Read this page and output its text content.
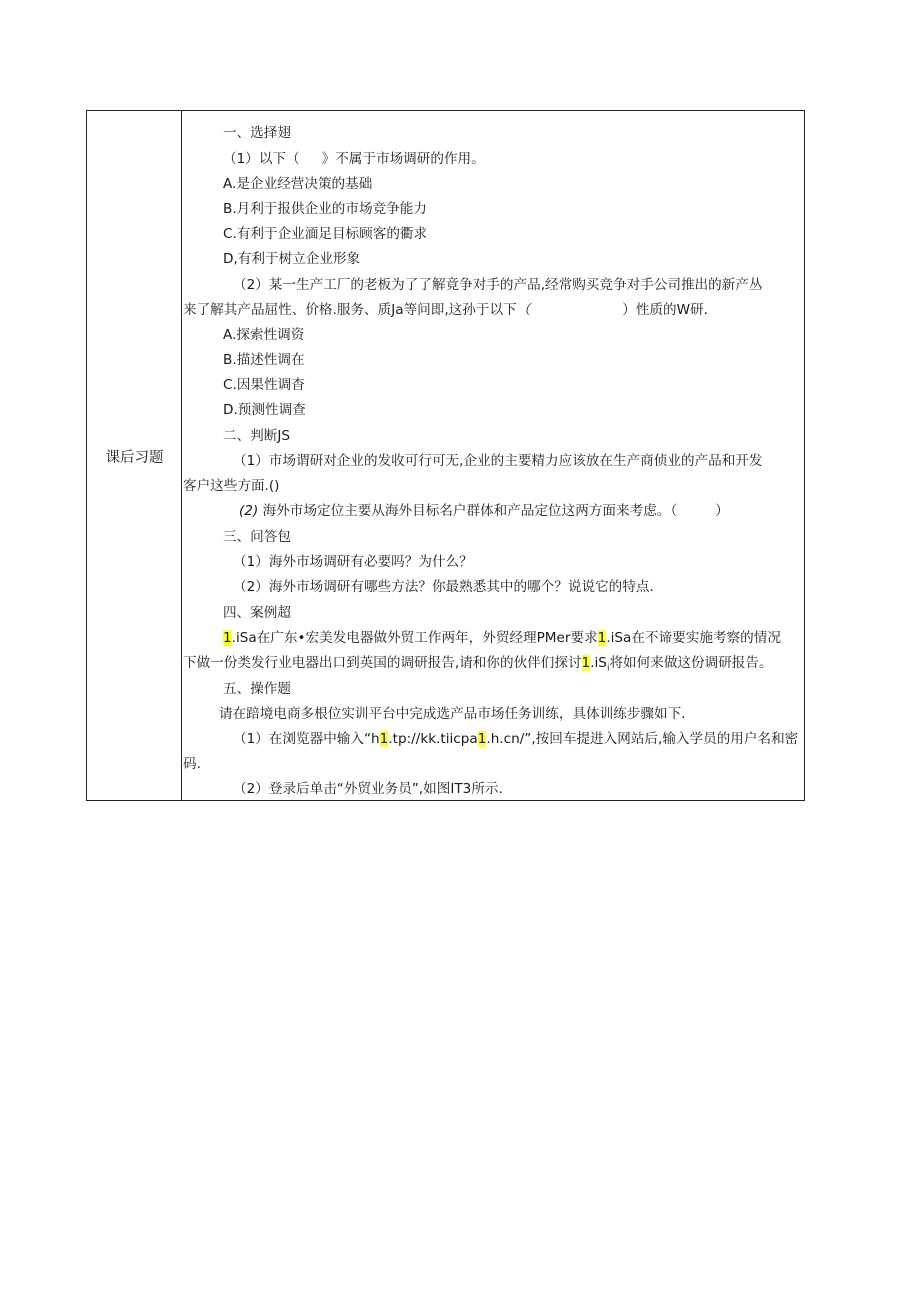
课后习题
一、选择翅
（1）以下（ 》不属于市场调研的作用。
A.是企业经营决策的基础
B.月利于报供企业的市场竞争能力
C.有利于企业湎足目标顾客的衢求
D,有利于树立企业形象
（2）某一生产工厂的老板为了了解竟争对手的产品,经常购买竞争对手公司推出的新产丛
来了解其产品屈性、价格.服务、质Ja等问即,这孙于以下（	）性质的W研.
A.探索性调资
B.描述性调在
C.因果性调杳
D.预测性调查
二、判断JS
（1）市场谓研对企业的发收可行可无,企业的主要精力应该放在生产商侦业的产品和开发
客户这些方面.()
(2) 海外市场定位主要从海外目标名户群体和产品定位这两方面来考虑。（	）
三、问答包
（1）海外市场调研有必要吗？为什么？
（2）海外市场调研有哪些方法？你最熟悉其中的哪个？说说它的特点.
四、案例超
1.iSa在广东•宏美发电器做外贸工作两年，外贸经理PMer要求1.iSa在不谛要实施考察的情况
下做一份类发行业电器出口到英国的调研报告,请和你的伙伴们探讨$1.iS_i$将如何来做这份调研报告。
五、操作题
请在踣境电商多根位实训平台中完成选产品市场任务训练，具体训练步骤如下.
（1）在浏览器中输入“h1.tp://kk.tiicpa1.h.cn/”,按回车提进入网站后,输入学员的用户名和密
码.
（2）登录后单击“外贸业务员”,如图IT3所示.
